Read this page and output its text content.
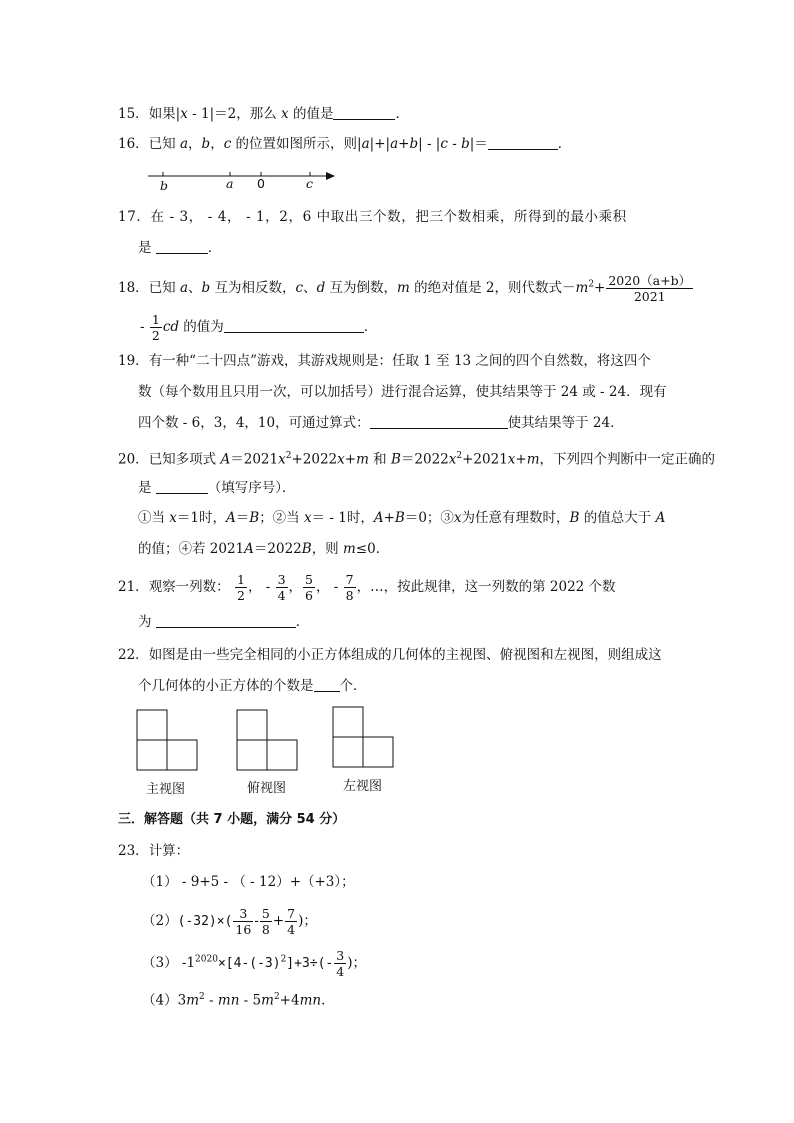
15．如果|x - 1|＝2，那么 x 的值是	．
16．已知 a，b，c 的位置如图所示，则|a|+|a+b| - |c - b|＝	．
b	a 0	c
17．在 - 3， - 4， - 1，2，6 中取出三个数，把三个数相乘，所得到的最小乘积
是	．
18．已知 a、b 互为相反数，c、d 互为倒数，m 的绝对值是 2，则代数式$-m^2+ \frac{2020(a+b)}{2021}$
- $\frac{1}{2}$ cd 的值为	．
19．有一种“二十四点”游戏，其游戏规则是：任取 1 至 13 之间的四个自然数，将这四个
数（每个数用且只用一次，可以加括号）进行混合运算，使其结果等于 24 或 - 24．现有
四个数 - 6，3，4，10，可通过算式：	使其结果等于 24．
20．已知多项式 $A=2021x^2+2022x+m$ 和 $B=2022x^2+2021x+m$，下列四个判断中一定正确的
是	（填写序号）．
①当 x＝1时，A＝B；②当 x＝ - 1时，A+B＝0；③x为任意有理数时，B 的值总大于 A
的值；④若 2021A＝2022B，则 m≤0．
21．观察一列数： $\frac{1}{2}$ ， - $\frac{3}{4}$ ， $\frac{5}{6}$ ， - $\frac{7}{8}$ ，…，按此规律，这一列数的第 2022 个数
为	．
22．如图是由一些完全相同的小正方体组成的几何体的主视图、俯视图和左视图，则组成这
个几何体的小正方体的个数是 个．
主视图	俯视图	左视图
三．解答题（共 7 小题，满分 54 分）
23．计算：
（1） - 9+5 - （ - 12）+（+3）；
$(2)(-32)\times( \frac{3}{16} - \frac{5}{8} + \frac{7}{4}$ )；
（3） $-1^{2020}\times[4-(-3)^2]+3\div(- \frac{3}{4}$ )；
$(4)3m^2$ - mn - $5m^2+4mn$．
